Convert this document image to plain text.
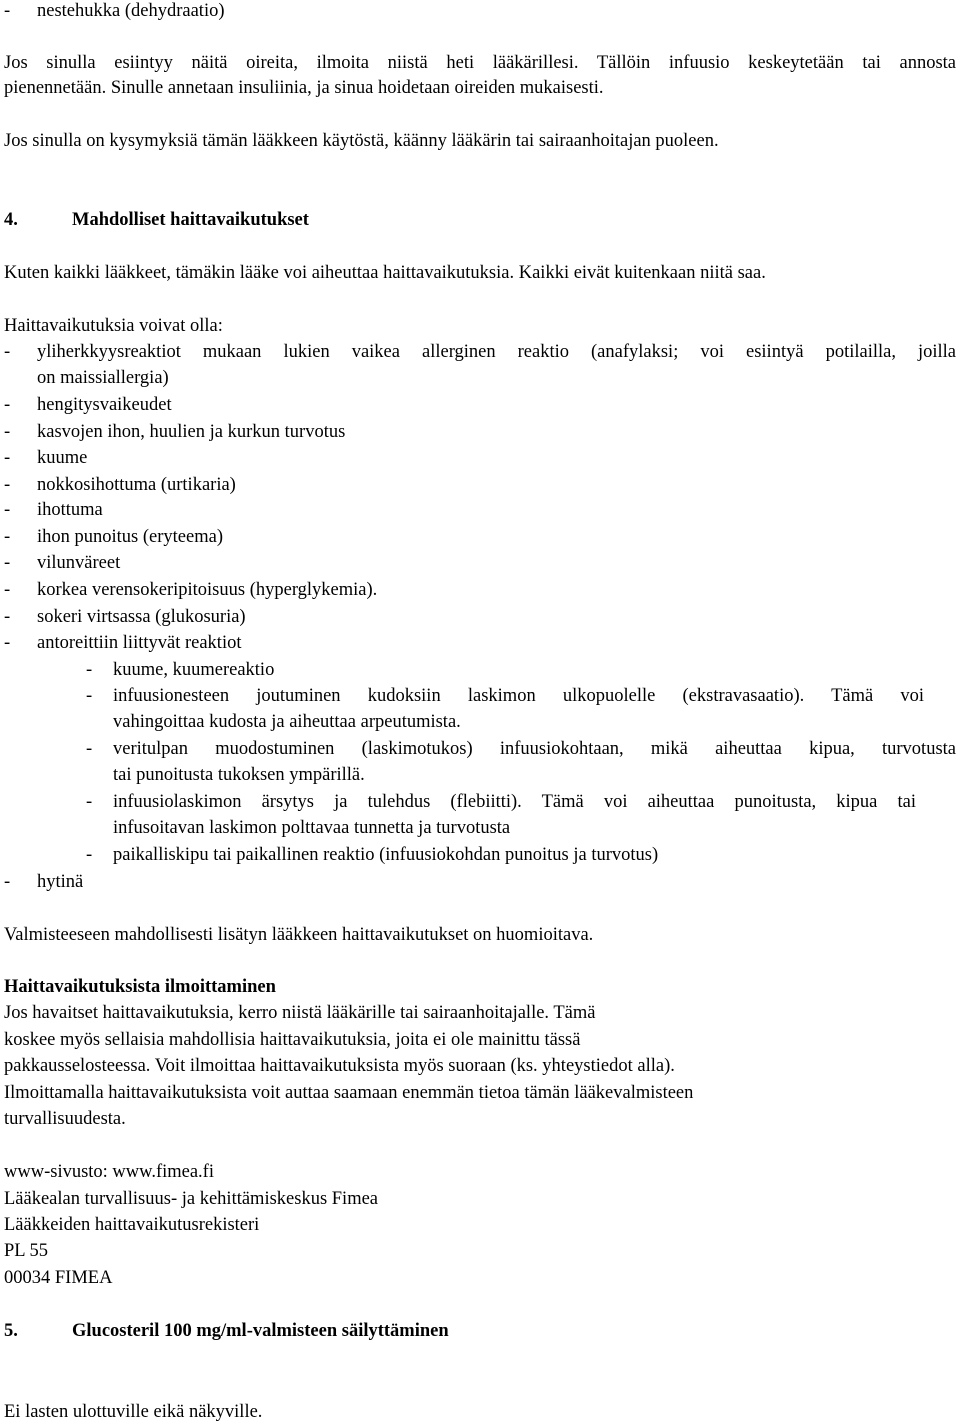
- nestehukka (dehydraatio)
Jos sinulla esiintyy näitä oireita, ilmoita niistä heti lääkärillesi. Tällöin infuusio keskeytetään tai annosta
pienennetään. Sinulle annetaan insuliinia, ja sinua hoidetaan oireiden mukaisesti.
Jos sinulla on kysymyksiä tämän lääkkeen käytöstä, käänny lääkärin tai sairaanhoitajan puoleen.
4.	Mahdolliset haittavaikutukset
Kuten kaikki lääkkeet, tämäkin lääke voi aiheuttaa haittavaikutuksia. Kaikki eivät kuitenkaan niitä saa.
Haittavaikutuksia voivat olla:
- yliherkkyysreaktiot mukaan lukien vaikea allerginen reaktio (anafylaksi; voi esiintyä potilailla, joilla
on maissiallergia)
- hengitysvaikeudet
- kasvojen ihon, huulien ja kurkun turvotus
- kuume
- nokkosihottuma (urtikaria)
- ihottuma
- ihon punoitus (eryteema)
- vilunväreet
- korkea verensokeripitoisuus (hyperglykemia).
- sokeri virtsassa (glukosuria)
- antoreittiin liittyvät reaktiot
- kuume, kuumereaktio
- infuusionesteen joutuminen kudoksiin laskimon ulkopuolelle (ekstravasaatio). Tämä voi
vahingoittaa kudosta ja aiheuttaa arpeutumista.
- veritulpan muodostuminen (laskimotukos) infuusiokohtaan, mikä aiheuttaa kipua, turvotusta
tai punoitusta tukoksen ympärillä.
- infuusiolaskimon ärsytys ja tulehdus (flebiitti). Tämä voi aiheuttaa punoitusta, kipua tai
infusoitavan laskimon polttavaa tunnetta ja turvotusta
- paikalliskipu tai paikallinen reaktio (infuusiokohdan punoitus ja turvotus)
- hytinä
Valmisteeseen mahdollisesti lisätyn lääkkeen haittavaikutukset on huomioitava.
Haittavaikutuksista ilmoittaminen
Jos havaitset haittavaikutuksia, kerro niistä lääkärille tai sairaanhoitajalle. Tämä
koskee myös sellaisia mahdollisia haittavaikutuksia, joita ei ole mainittu tässä
pakkausselosteessa. Voit ilmoittaa haittavaikutuksista myös suoraan (ks. yhteystiedot alla).
Ilmoittamalla haittavaikutuksista voit auttaa saamaan enemmän tietoa tämän lääkevalmisteen
turvallisuudesta.
www-sivusto: www.fimea.fi
Lääkealan turvallisuus- ja kehittämiskeskus Fimea
Lääkkeiden haittavaikutusrekisteri
PL 55
00034 FIMEA
5.	Glucosteril 100 mg/ml-valmisteen säilyttäminen
Ei lasten ulottuville eikä näkyville.
